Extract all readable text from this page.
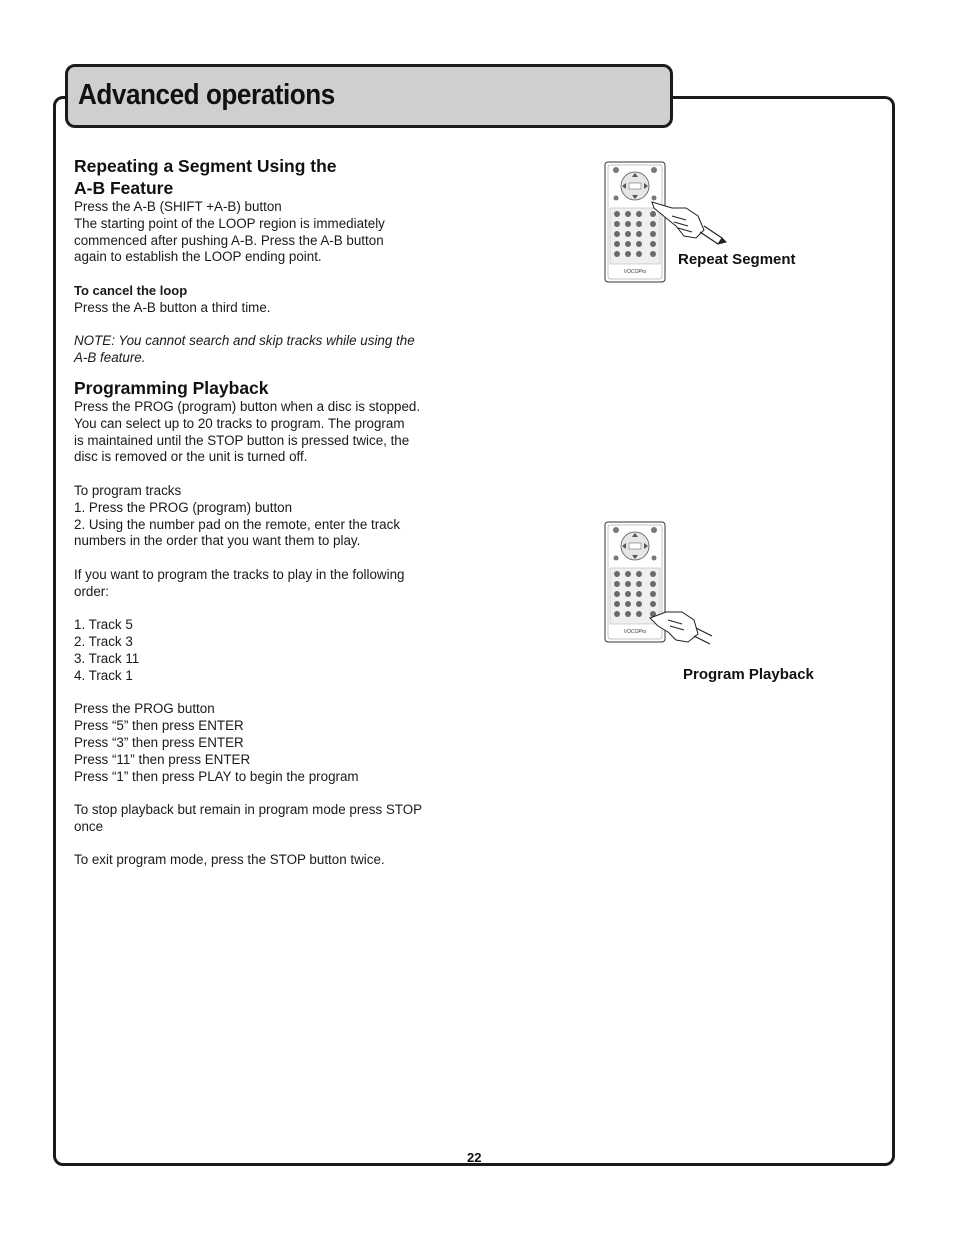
Advanced operations
Repeating a Segment Using the
A-B Feature

Press the A-B (SHIFT +A-B) button

The starting point of the LOOP region is immediately

commenced after pushing A-B. Press the A-B button

again to establish the LOOP ending point.

To cancel the loop

Press the A-B button a third time.

NOTE: You cannot search and skip tracks while using the

A-B feature.

Programming Playback

Press the PROG (program) button when a disc is stopped.

You can select up to 20 tracks to program. The program

is maintained until the STOP button is pressed twice, the

disc is removed or the unit is turned off.

To program tracks

1. Press the PROG (program) button

2. Using the number pad on the remote, enter the track

numbers in the order that you want them to play.

If you want to program the tracks to play in the following

order:

1. Track 5

2. Track 3

3. Track 11

4. Track 1

Press the PROG button

Press “5” then press ENTER

Press “3” then press ENTER

Press “11” then press ENTER

Press “1” then press PLAY to begin the program

To stop playback but remain in program mode press STOP

once

To exit program mode, press the STOP button twice.

VOCOPro
Repeat Segment
VOCOPro
Program Playback
22
